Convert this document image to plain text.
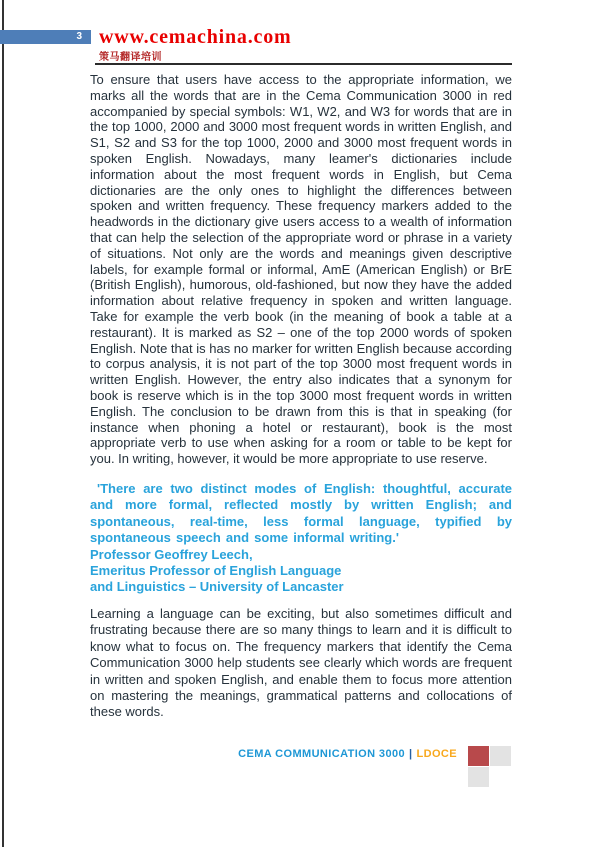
3 www.cemachina.com
策马翻译培训
To ensure that users have access to the appropriate information, we marks all the words that are in the Cema Communication 3000 in red accompanied by special symbols: W1, W2, and W3 for words that are in the top 1000, 2000 and 3000 most frequent words in written English, and S1, S2 and S3 for the top 1000, 2000 and 3000 most frequent words in spoken English. Nowadays, many leamer's dictionaries include information about the most frequent words in English, but Cema dictionaries are the only ones to highlight the differences between spoken and written frequency. These frequency markers added to the headwords in the dictionary give users access to a wealth of information that can help the selection of the appropriate word or phrase in a variety of situations. Not only are the words and meanings given descriptive labels, for example formal or informal, AmE (American English) or BrE (British English), humorous, old-fashioned, but now they have the added information about relative frequency in spoken and written language. Take for example the verb book (in the meaning of book a table at a restaurant). It is marked as S2 – one of the top 2000 words of spoken English. Note that is has no marker for written English because according to corpus analysis, it is not part of the top 3000 most frequent words in written English. However, the entry also indicates that a synonym for book is reserve which is in the top 3000 most frequent words in written English. The conclusion to be drawn from this is that in speaking (for instance when phoning a hotel or restaurant), book is the most appropriate verb to use when asking for a room or table to be kept for you. In writing, however, it would be more appropriate to use reserve.
'There are two distinct modes of English: thoughtful, accurate and more formal, reflected mostly by written English; and spontaneous, real-time, less formal language, typified by spontaneous speech and some informal writing.'
Professor Geoffrey Leech,
Emeritus Professor of English Language
and Linguistics – University of Lancaster
Learning a language can be exciting, but also sometimes difficult and frustrating because there are so many things to learn and it is difficult to know what to focus on. The frequency markers that identify the Cema Communication 3000 help students see clearly which words are frequent in written and spoken English, and enable them to focus more attention on mastering the meanings, grammatical patterns and collocations of these words.
CEMA COMMUNICATION 3000 | LDOCE
